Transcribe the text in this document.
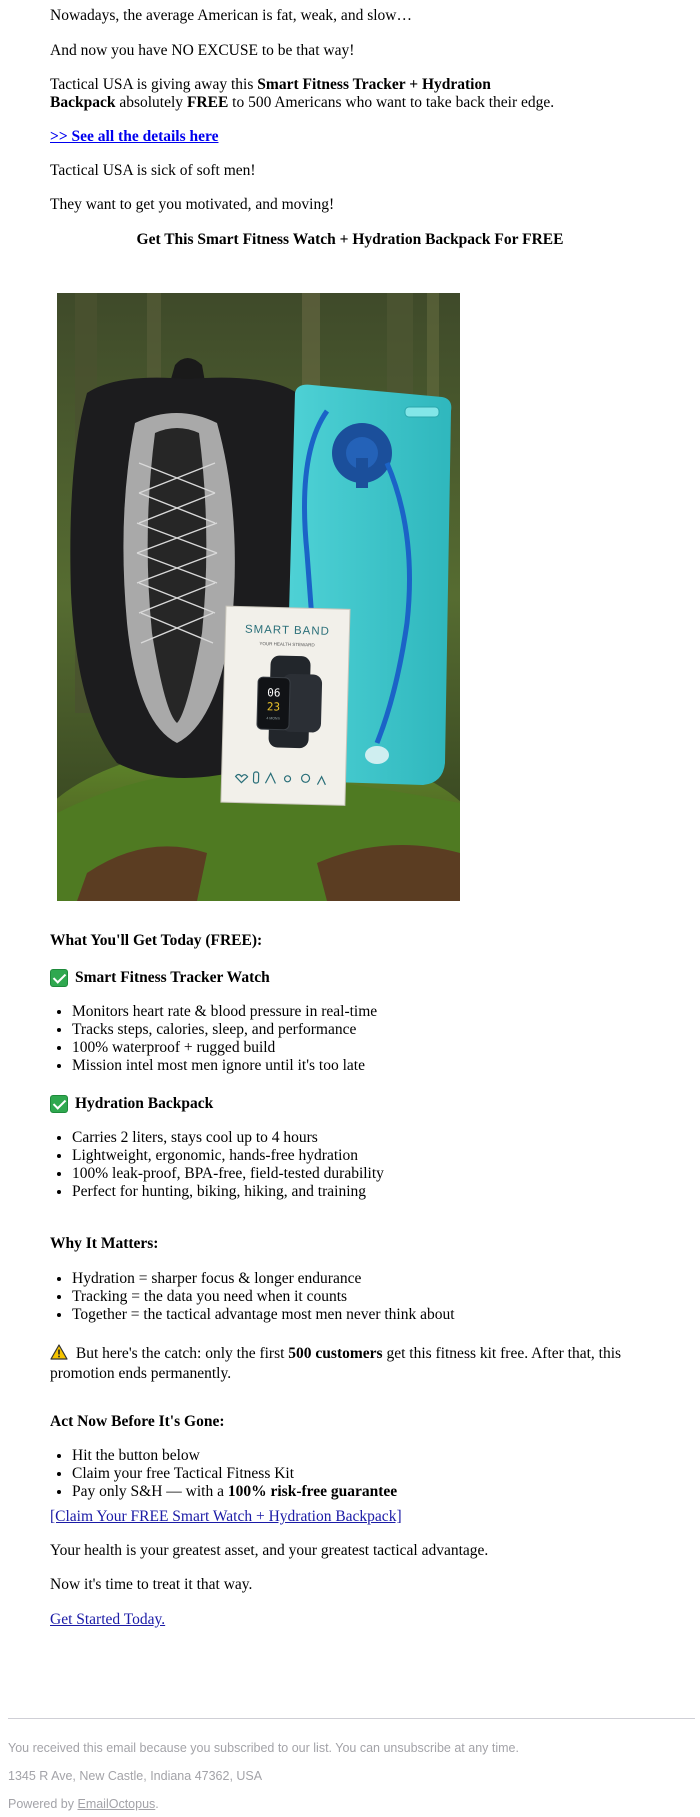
Nowadays, the average American is fat, weak, and slow…

And now you have NO EXCUSE to be that way!

Tactical USA is giving away this Smart Fitness Tracker + Hydration
Backpack absolutely FREE to 500 Americans who want to take back their edge.

>> See all the details here

Tactical USA is sick of soft men!

They want to get you motivated, and moving!

Get This Smart Fitness Watch + Hydration Backpack For FREE

SMART BAND
YOUR HEALTH STEWARD
06
23
4 MONS

What You'll Get Today (FREE):

Smart Fitness Tracker Watch

• Monitors heart rate & blood pressure in real-time
• Tracks steps, calories, sleep, and performance
• 100% waterproof + rugged build
• Mission intel most men ignore until it's too late

Hydration Backpack

• Carries 2 liters, stays cool up to 4 hours
• Lightweight, ergonomic, hands-free hydration
• 100% leak-proof, BPA-free, field-tested durability
• Perfect for hunting, biking, hiking, and training

Why It Matters:

• Hydration = sharper focus & longer endurance
• Tracking = the data you need when it counts
• Together = the tactical advantage most men never think about

But here's the catch: only the first 500 customers get this fitness kit free. After that, this promotion ends permanently.

Act Now Before It's Gone:

• Hit the button below
• Claim your free Tactical Fitness Kit
• Pay only S&H — with a 100% risk-free guarantee

[Claim Your FREE Smart Watch + Hydration Backpack]

Your health is your greatest asset, and your greatest tactical advantage.

Now it's time to treat it that way.

Get Started Today.

You received this email because you subscribed to our list. You can unsubscribe at any time.

1345 R Ave, New Castle, Indiana 47362, USA

Powered by EmailOctopus.
